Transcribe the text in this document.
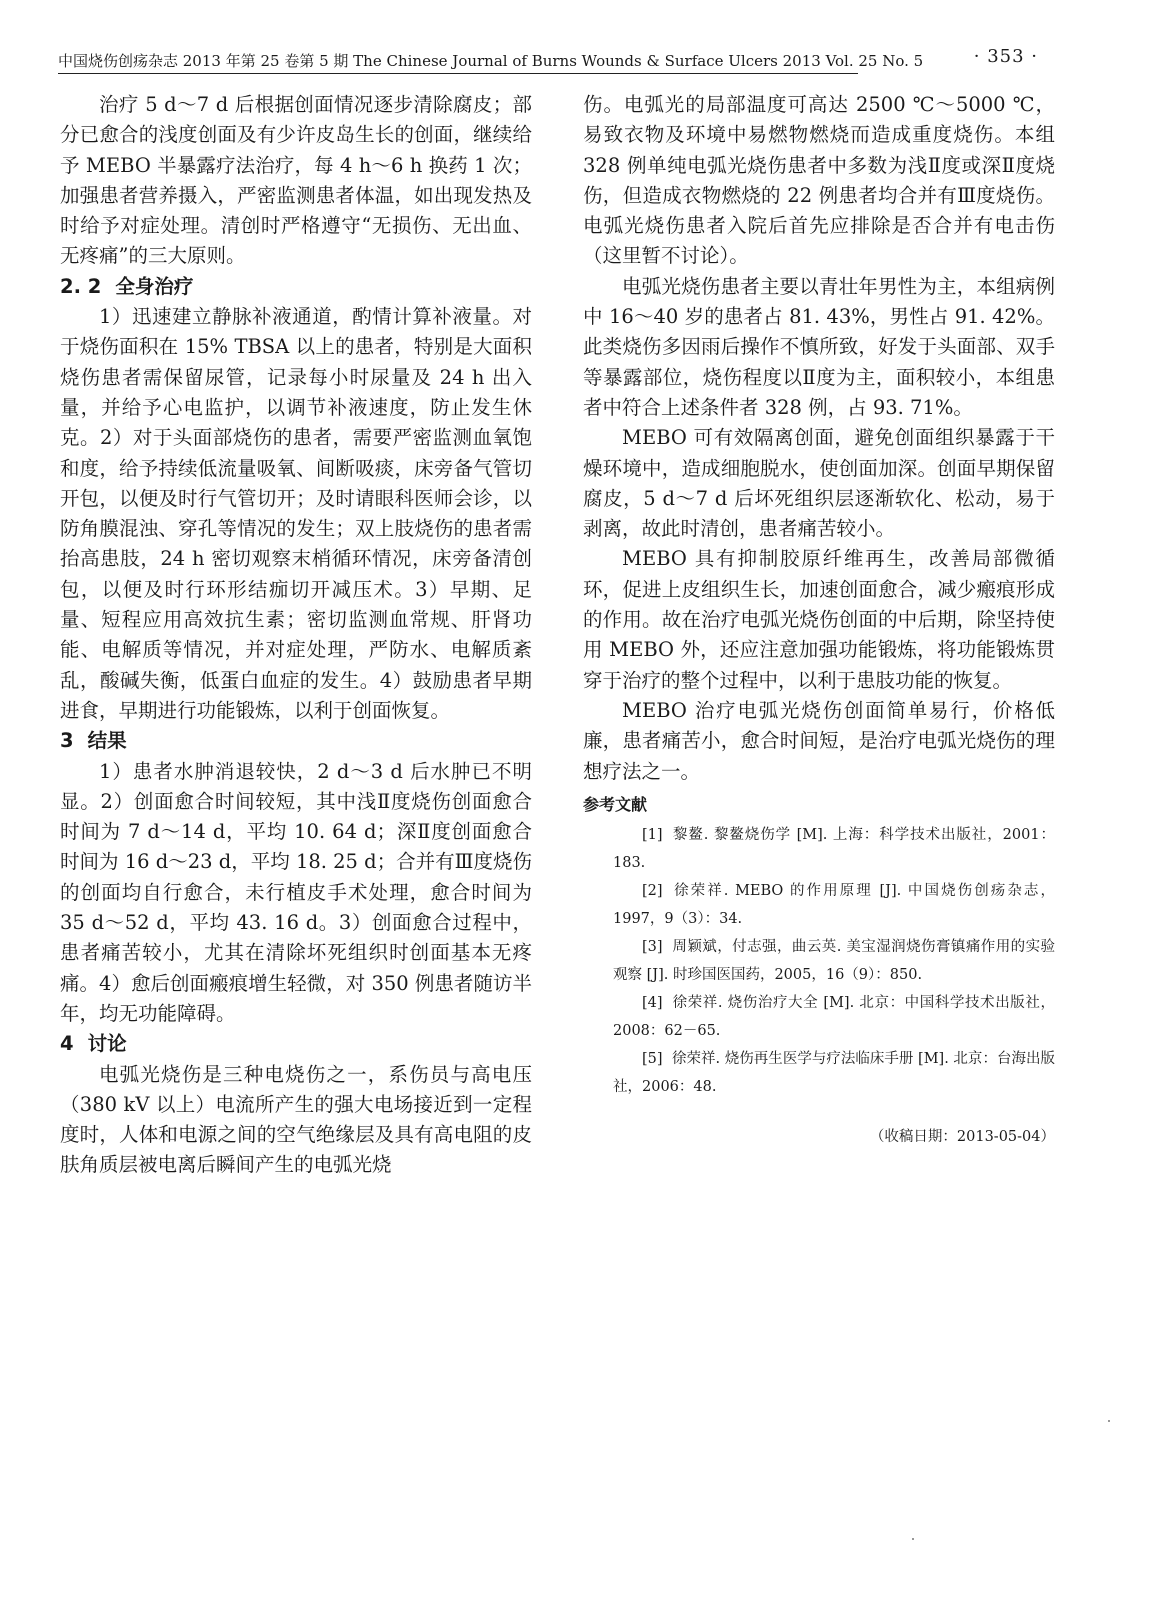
中国烧伤创疡杂志 2013 年第 25 卷第 5 期 The Chinese Journal of Burns Wounds & Surface Ulcers 2013 Vol. 25 No. 5	· 353 ·

治疗 5 d～7 d 后根据创面情况逐步清除腐皮；部分已愈合的浅度创面及有少许皮岛生长的创面，继续给予 MEBO 半暴露疗法治疗，每 4 h～6 h 换药 1 次；加强患者营养摄入，严密监测患者体温，如出现发热及时给予对症处理。清创时严格遵守“无损伤、无出血、无疼痛”的三大原则。

2. 2 全身治疗

1）迅速建立静脉补液通道，酌情计算补液量。对于烧伤面积在 15% TBSA 以上的患者，特别是大面积烧伤患者需保留尿管，记录每小时尿量及 24 h 出入量，并给予心电监护，以调节补液速度，防止发生休克。2）对于头面部烧伤的患者，需要严密监测血氧饱和度，给予持续低流量吸氧、间断吸痰，床旁备气管切开包，以便及时行气管切开；及时请眼科医师会诊，以防角膜混浊、穿孔等情况的发生；双上肢烧伤的患者需抬高患肢，24 h 密切观察末梢循环情况，床旁备清创包，以便及时行环形结痂切开减压术。3）早期、足量、短程应用高效抗生素；密切监测血常规、肝肾功能、电解质等情况，并对症处理，严防水、电解质紊乱，酸碱失衡，低蛋白血症的发生。4）鼓励患者早期进食，早期进行功能锻炼，以利于创面恢复。

3 结果

1）患者水肿消退较快，2 d～3 d 后水肿已不明显。2）创面愈合时间较短，其中浅Ⅱ度烧伤创面愈合时间为 7 d～14 d，平均 10. 64 d；深Ⅱ度创面愈合时间为 16 d～23 d，平均 18. 25 d；合并有Ⅲ度烧伤的创面均自行愈合，未行植皮手术处理，愈合时间为 35 d～52 d，平均 43. 16 d。3）创面愈合过程中，患者痛苦较小，尤其在清除坏死组织时创面基本无疼痛。4）愈后创面瘢痕增生轻微，对 350 例患者随访半年，均无功能障碍。

4 讨论

电弧光烧伤是三种电烧伤之一，系伤员与高电压（380 kV 以上）电流所产生的强大电场接近到一定程度时，人体和电源之间的空气绝缘层及具有高电阻的皮肤角质层被电离后瞬间产生的电弧光烧

伤。电弧光的局部温度可高达 2500 ℃～5000 ℃，易致衣物及环境中易燃物燃烧而造成重度烧伤。本组 328 例单纯电弧光烧伤患者中多数为浅Ⅱ度或深Ⅱ度烧伤，但造成衣物燃烧的 22 例患者均合并有Ⅲ度烧伤。电弧光烧伤患者入院后首先应排除是否合并有电击伤（这里暂不讨论）。

电弧光烧伤患者主要以青壮年男性为主，本组病例中 16～40 岁的患者占 81. 43%，男性占 91. 42%。此类烧伤多因雨后操作不慎所致，好发于头面部、双手等暴露部位，烧伤程度以Ⅱ度为主，面积较小，本组患者中符合上述条件者 328 例，占 93. 71%。

MEBO 可有效隔离创面，避免创面组织暴露于干燥环境中，造成细胞脱水，使创面加深。创面早期保留腐皮，5 d～7 d 后坏死组织层逐渐软化、松动，易于剥离，故此时清创，患者痛苦较小。

MEBO 具有抑制胶原纤维再生，改善局部微循环，促进上皮组织生长，加速创面愈合，减少瘢痕形成的作用。故在治疗电弧光烧伤创面的中后期，除坚持使用 MEBO 外，还应注意加强功能锻炼，将功能锻炼贯穿于治疗的整个过程中，以利于患肢功能的恢复。

MEBO 治疗电弧光烧伤创面简单易行，价格低廉，患者痛苦小，愈合时间短，是治疗电弧光烧伤的理想疗法之一。

参考文献

[1] 黎鳌. 黎鳌烧伤学 [M]. 上海：科学技术出版社，2001：183.

[2] 徐荣祥. MEBO 的作用原理 [J]. 中国烧伤创疡杂志，1997，9（3）：34.

[3] 周颖斌，付志强，曲云英. 美宝湿润烧伤膏镇痛作用的实验观察 [J]. 时珍国医国药，2005，16（9）：850.

[4] 徐荣祥. 烧伤治疗大全 [M]. 北京：中国科学技术出版社，2008：62－65.

[5] 徐荣祥. 烧伤再生医学与疗法临床手册 [M]. 北京：台海出版社，2006：48.

（收稿日期：2013-05-04）
